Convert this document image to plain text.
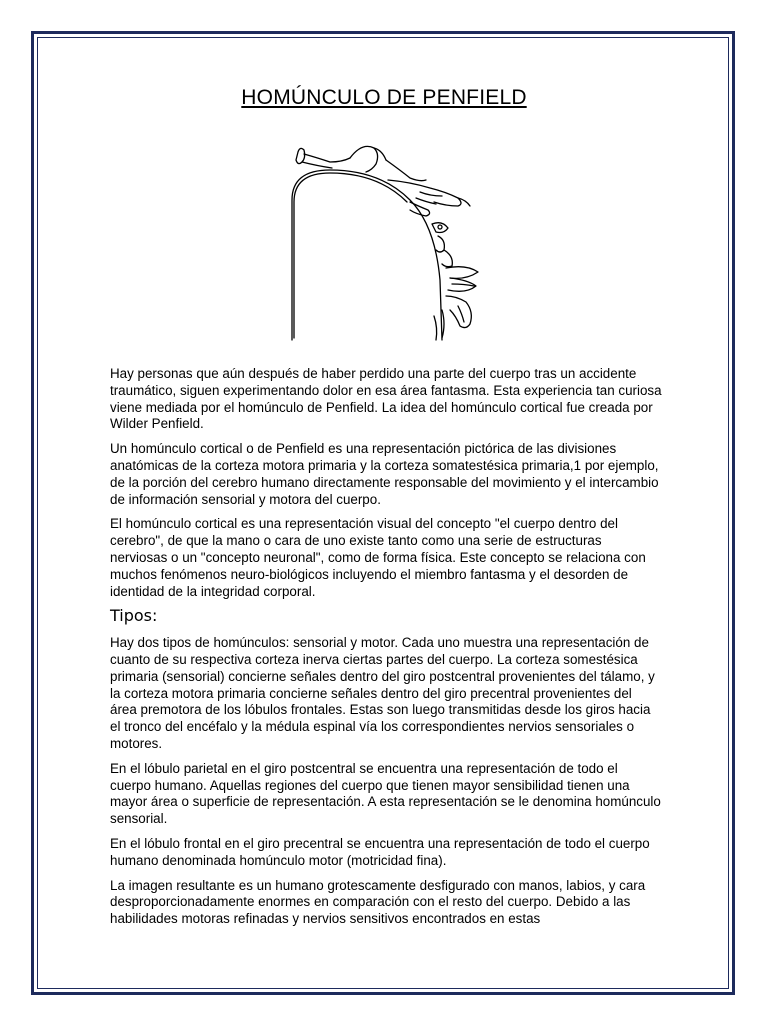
HOMÚNCULO DE PENFIELD

Hay personas que aún después de haber perdido una parte del cuerpo tras un accidente traumático, siguen experimentando dolor en esa área fantasma. Esta experiencia tan curiosa viene mediada por el homúnculo de Penfield. La idea del homúnculo cortical fue creada por Wilder Penfield.

Un homúnculo cortical o de Penfield es una representación pictórica de las divisiones anatómicas de la corteza motora primaria y la corteza somatestésica primaria,1 por ejemplo, de la porción del cerebro humano directamente responsable del movimiento y el intercambio de información sensorial y motora del cuerpo.

El homúnculo cortical es una representación visual del concepto "el cuerpo dentro del cerebro", de que la mano o cara de uno existe tanto como una serie de estructuras nerviosas o un "concepto neuronal", como de forma física. Este concepto se relaciona con muchos fenómenos neuro-biológicos incluyendo el miembro fantasma y el desorden de identidad de la integridad corporal.

Tipos:

Hay dos tipos de homúnculos: sensorial y motor. Cada uno muestra una representación de cuanto de su respectiva corteza inerva ciertas partes del cuerpo. La corteza somestésica primaria (sensorial) concierne señales dentro del giro postcentral provenientes del tálamo, y la corteza motora primaria concierne señales dentro del giro precentral provenientes del área premotora de los lóbulos frontales. Estas son luego transmitidas desde los giros hacia el tronco del encéfalo y la médula espinal vía los correspondientes nervios sensoriales o motores.

En el lóbulo parietal en el giro postcentral se encuentra una representación de todo el cuerpo humano. Aquellas regiones del cuerpo que tienen mayor sensibilidad tienen una mayor área o superficie de representación. A esta representación se le denomina homúnculo sensorial.

En el lóbulo frontal en el giro precentral se encuentra una representación de todo el cuerpo humano denominada homúnculo motor (motricidad fina).

La imagen resultante es un humano grotescamente desfigurado con manos, labios, y cara desproporcionadamente enormes en comparación con el resto del cuerpo. Debido a las habilidades motoras refinadas y nervios sensitivos encontrados en estas
